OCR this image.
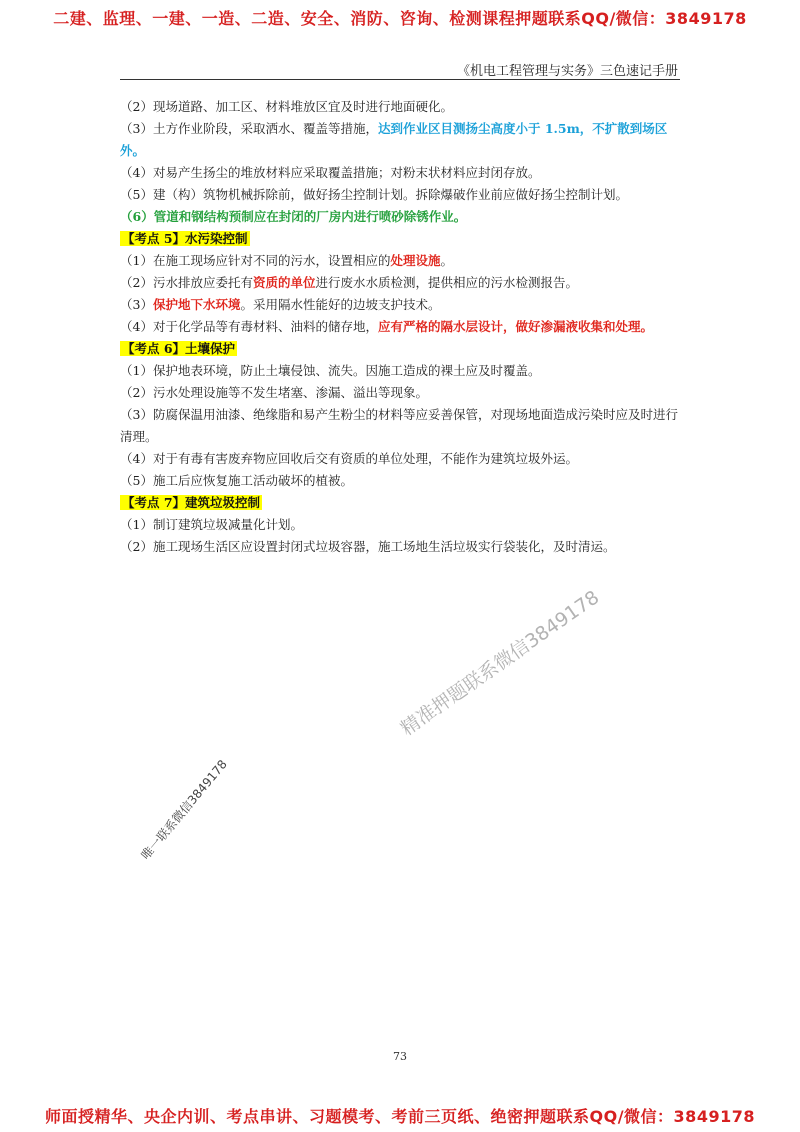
二建、监理、一建、一造、二造、安全、消防、咨询、检测课程押题联系QQ/微信：3849178
《机电工程管理与实务》三色速记手册
（2）现场道路、加工区、材料堆放区宜及时进行地面硬化。
（3）土方作业阶段，采取洒水、覆盖等措施，达到作业区目测扬尘高度小于 1.5m，不扩散到场区外。
（4）对易产生扬尘的堆放材料应采取覆盖措施；对粉末状材料应封闭存放。
（5）建（构）筑物机械拆除前，做好扬尘控制计划。拆除爆破作业前应做好扬尘控制计划。
（6）管道和钢结构预制应在封闭的厂房内进行喷砂除锈作业。
【考点 5】水污染控制
（1）在施工现场应针对不同的污水，设置相应的处理设施。
（2）污水排放应委托有资质的单位进行废水水质检测，提供相应的污水检测报告。
（3）保护地下水环境。采用隔水性能好的边坡支护技术。
（4）对于化学品等有毒材料、油料的储存地，应有严格的隔水层设计，做好渗漏液收集和处理。
【考点 6】土壤保护
（1）保护地表环境，防止土壤侵蚀、流失。因施工造成的裸土应及时覆盖。
（2）污水处理设施等不发生堵塞、渗漏、溢出等现象。
（3）防腐保温用油漆、绝缘脂和易产生粉尘的材料等应妥善保管，对现场地面造成污染时应及时进行清理。
（4）对于有毒有害废弃物应回收后交有资质的单位处理，不能作为建筑垃圾外运。
（5）施工后应恢复施工活动破坏的植被。
【考点 7】建筑垃圾控制
（1）制订建筑垃圾减量化计划。
（2）施工现场生活区应设置封闭式垃圾容器，施工场地生活垃圾实行袋装化，及时清运。
精准押题联系微信3849178
唯一联系微信3849178
73
师面授精华、央企内训、考点串讲、习题模考、考前三页纸、绝密押题联系QQ/微信：3849178
